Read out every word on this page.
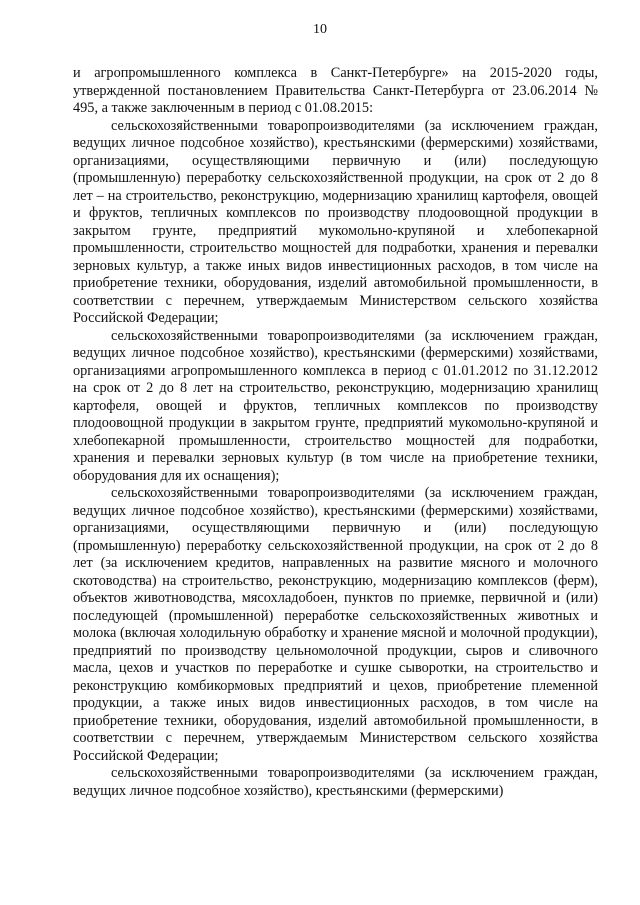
10

и агропромышленного комплекса в Санкт-Петербурге» на 2015-2020 годы, утвержденной постановлением Правительства Санкт-Петербурга от 23.06.2014 № 495, а также заключенным в период с 01.08.2015:

сельскохозяйственными товаропроизводителями (за исключением граждан, ведущих личное подсобное хозяйство), крестьянскими (фермерскими) хозяйствами, организациями, осуществляющими первичную и (или) последующую (промышленную) переработку сельскохозяйственной продукции, на срок от 2 до 8 лет – на строительство, реконструкцию, модернизацию хранилищ картофеля, овощей и фруктов, тепличных комплексов по производству плодоовощной продукции в закрытом грунте, предприятий мукомольно-крупяной и хлебопекарной промышленности, строительство мощностей для подработки, хранения и перевалки зерновых культур, а также иных видов инвестиционных расходов, в том числе на приобретение техники, оборудования, изделий автомобильной промышленности, в соответствии с перечнем, утверждаемым Министерством сельского хозяйства Российской Федерации;

сельскохозяйственными товаропроизводителями (за исключением граждан, ведущих личное подсобное хозяйство), крестьянскими (фермерскими) хозяйствами, организациями агропромышленного комплекса в период с 01.01.2012 по 31.12.2012 на срок от 2 до 8 лет на строительство, реконструкцию, модернизацию хранилищ картофеля, овощей и фруктов, тепличных комплексов по производству плодоовощной продукции в закрытом грунте, предприятий мукомольно-крупяной и хлебопекарной промышленности, строительство мощностей для подработки, хранения и перевалки зерновых культур (в том числе на приобретение техники, оборудования для их оснащения);

сельскохозяйственными товаропроизводителями (за исключением граждан, ведущих личное подсобное хозяйство), крестьянскими (фермерскими) хозяйствами, организациями, осуществляющими первичную и (или) последующую (промышленную) переработку сельскохозяйственной продукции, на срок от 2 до 8 лет (за исключением кредитов, направленных на развитие мясного и молочного скотоводства) на строительство, реконструкцию, модернизацию комплексов (ферм), объектов животноводства, мясохладобоен, пунктов по приемке, первичной и (или) последующей (промышленной) переработке сельскохозяйственных животных и молока (включая холодильную обработку и хранение мясной и молочной продукции), предприятий по производству цельномолочной продукции, сыров и сливочного масла, цехов и участков по переработке и сушке сыворотки, на строительство и реконструкцию комбикормовых предприятий и цехов, приобретение племенной продукции, а также иных видов инвестиционных расходов, в том числе на приобретение техники, оборудования, изделий автомобильной промышленности, в соответствии с перечнем, утверждаемым Министерством сельского хозяйства Российской Федерации;

сельскохозяйственными товаропроизводителями (за исключением граждан, ведущих личное подсобное хозяйство), крестьянскими (фермерскими)
